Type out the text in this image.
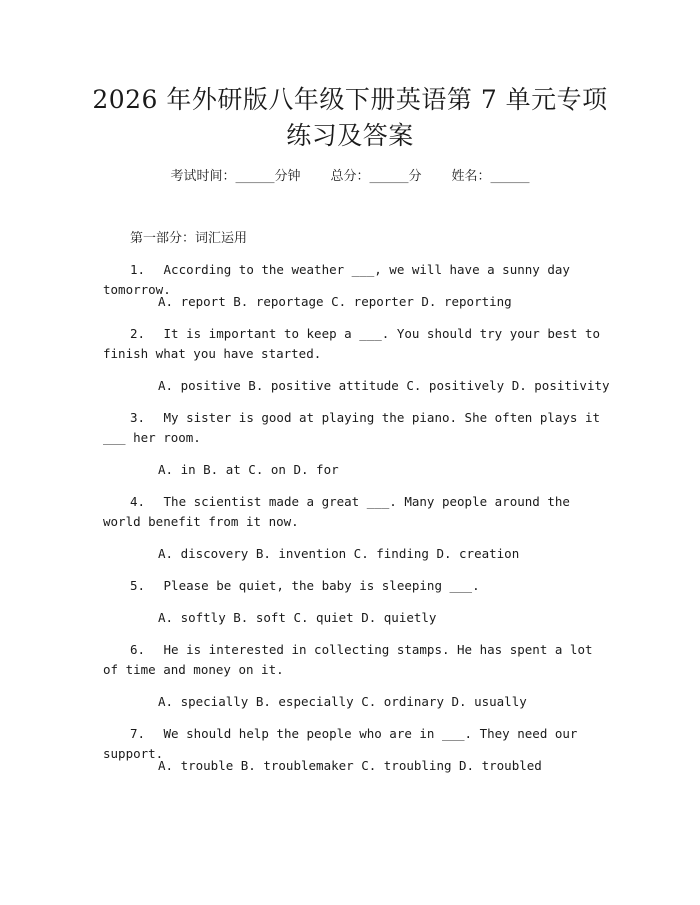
2026 年外研版八年级下册英语第 7 单元专项
练习及答案
考试时间：______分钟 总分：______分 姓名：______
第一部分：词汇运用
1. According to the weather ___, we will have a sunny day tomorrow.
A. report B. reportage C. reporter D. reporting
2. It is important to keep a ___. You should try your best to finish what you have started.
A. positive B. positive attitude C. positively D. positivity
3. My sister is good at playing the piano. She often plays it ___ her room.
A. in B. at C. on D. for
4. The scientist made a great ___. Many people around the world benefit from it now.
A. discovery B. invention C. finding D. creation
5. Please be quiet, the baby is sleeping ___.
A. softly B. soft C. quiet D. quietly
6. He is interested in collecting stamps. He has spent a lot of time and money on it.
A. specially B. especially C. ordinary D. usually
7. We should help the people who are in ___. They need our support.
A. trouble B. troublemaker C. troubling D. troubled
